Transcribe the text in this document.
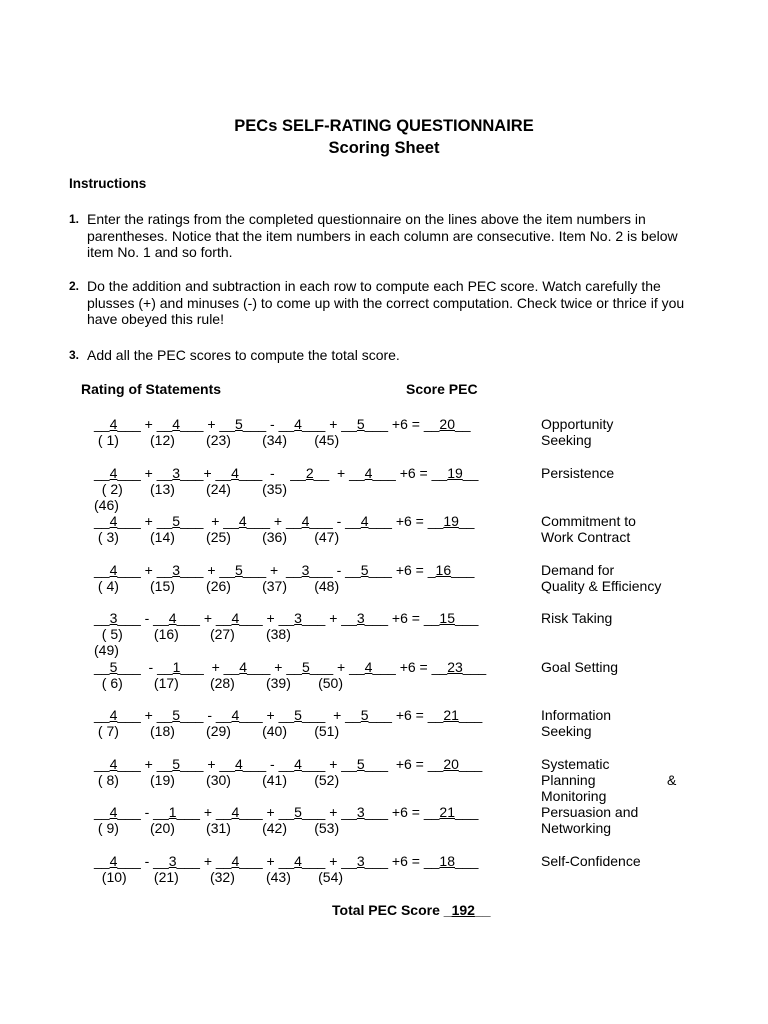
PECs SELF-RATING QUESTIONNAIRE
Scoring Sheet
Instructions
1. Enter the ratings from the completed questionnaire on the lines above the item numbers in parentheses. Notice that the item numbers in each column are consecutive. Item No. 2 is below item No. 1 and so forth.
2. Do the addition and subtraction in each row to compute each PEC score. Watch carefully the plusses (+) and minuses (-) to come up with the correct computation. Check twice or thrice if you have obeyed this rule!
3. Add all the PEC scores to compute the total score.
Rating of Statements	Score PEC
__4___ + __4___ + __5___ - __4___ + __5___ +6 = __20__
( 1) (12) (23) (34) (45)
Opportunity
Seeking
__4___ + __3___+ __4___  -    __2__  + __4___ +6 = __19__
( 2) (13) (24) (35)
(46)
Persistence
__4___ + __5___  + __4___ + __4___ - __4___ +6 = __19__
( 3) (14) (25) (36) (47)
Commitment to
Work Contract
__4___ + __3___ + __5___ +  __3___ - __5___ +6 = _16___
( 4) (15) (26) (37) (48)
Demand for
Quality & Efficiency
__3___ - __4___ + __4___ + __3___ + __3___ +6 = __15___
( 5) (16) (27) (38)
(49)
Risk Taking
__5___  - __1___  + __4___ + __5___ + __4___ +6 = __23___
( 6) (17) (28) (39) (50)
Goal Setting
__4___ + __5___ - __4___ + __5___  + __5___ +6 = __21___
( 7) (18) (29) (40) (51)
Information
Seeking
__4___ + __5___ + __4___ - __4___ + __5___  +6 = __20___
( 8) (19) (30) (41) (52)
Systematic
Planning	&

Monitoring
__4___ - __1___ + __4___ + __5___ + __3___ +6 = __21___
( 9) (20) (31) (42) (53)
Persuasion and
Networking
__4___ - __3___ + __4___ + __4___ + __3___ +6 = __18___
(10) (21) (32) (43) (54)
Self-Confidence
Total PEC Score _192__
